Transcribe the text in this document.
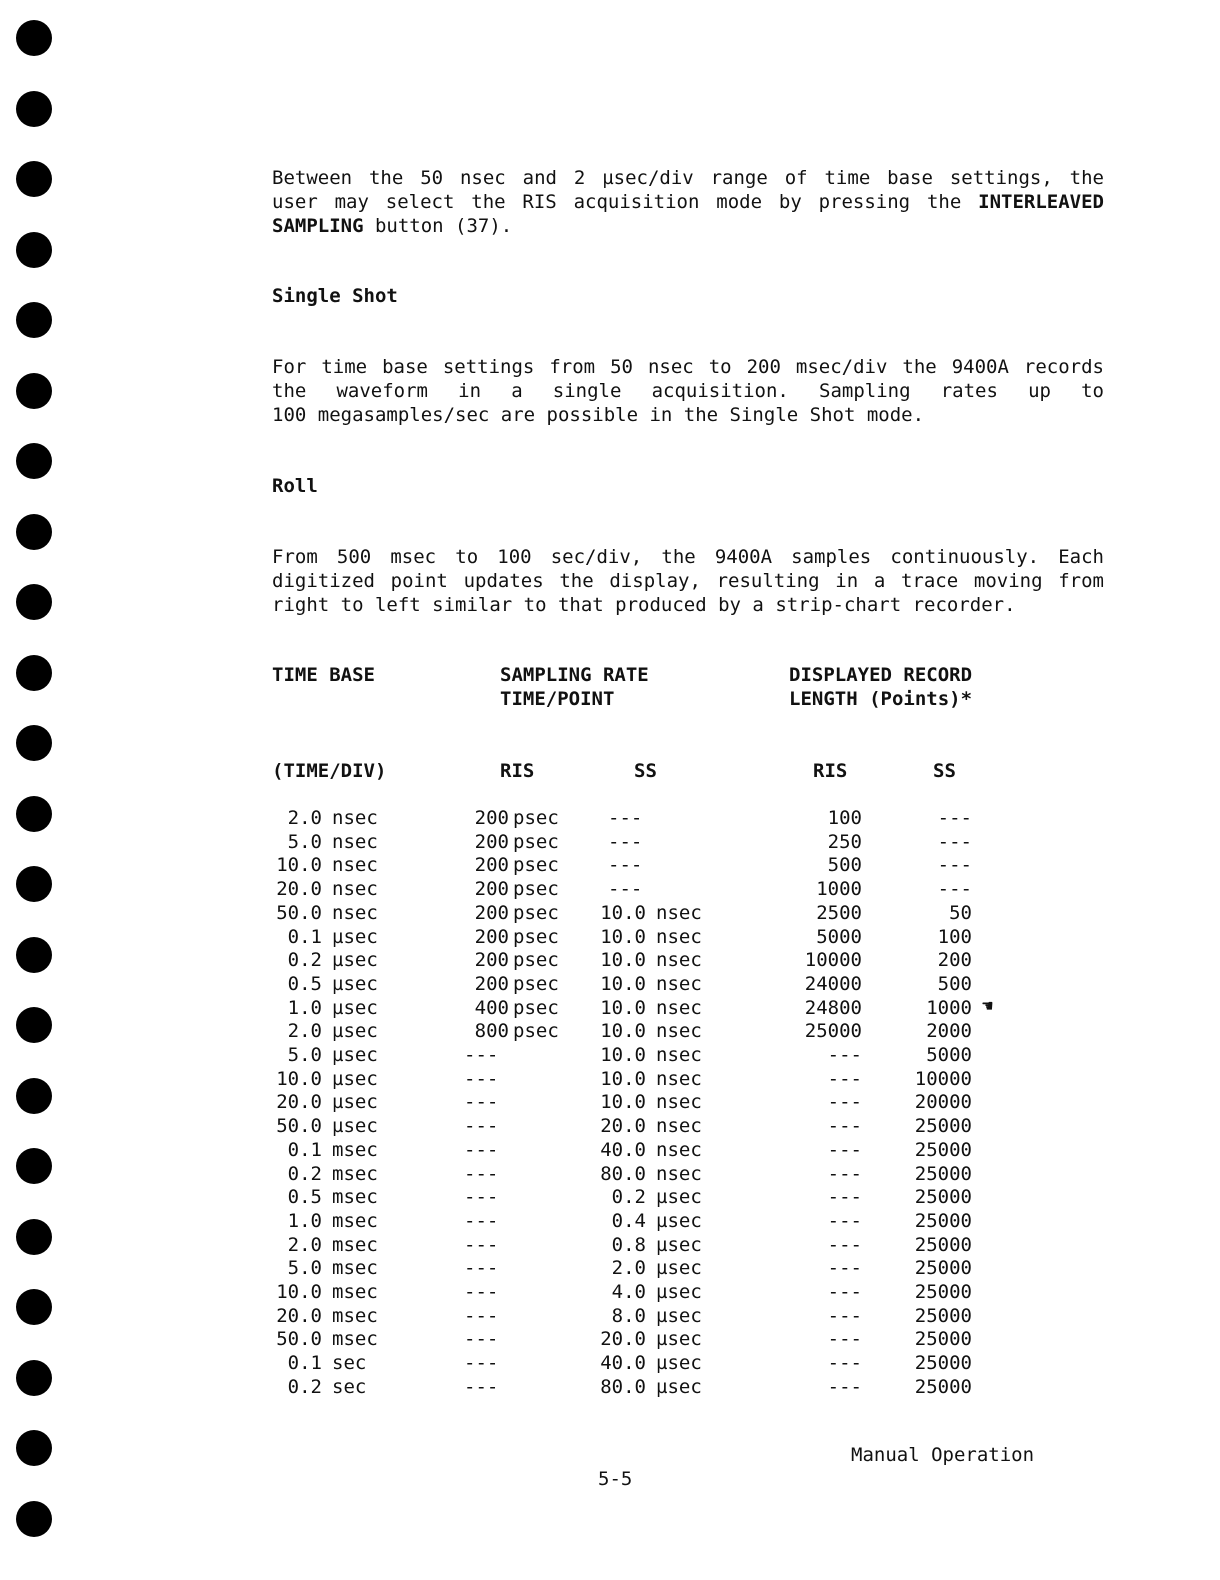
Between the 50 nsec and 2 µsec/div range of time base settings, the
user may select the RIS acquisition mode by pressing the INTERLEAVED
SAMPLING button (37).
Single Shot
For time base settings from 50 nsec to 200 msec/div the 9400A records
the waveform in a single acquisition. Sampling rates up to
100 megasamples/sec are possible in the Single Shot mode.
Roll
From 500 msec to 100 sec/div, the 9400A samples continuously. Each
digitized point updates the display, resulting in a trace moving from
right to left similar to that produced by a strip-chart recorder.
TIME BASE	SAMPLING RATE
TIME/POINT
DISPLAYED RECORD
LENGTH (Points)*
(TIME/DIV)	RIS	SS	RIS	SS
2.0 nsec	200 psec	---	100	---
5.0 nsec	200 psec	---	250	---
10.0 nsec	200 psec	---	500	---
20.0 nsec	200 psec	---	1000	---
50.0 nsec	200 psec	10.0 nsec	2500	50
0.1 µsec	200 psec	10.0 nsec	5000	100
0.2 µsec	200 psec	10.0 nsec	10000	200
0.5 µsec	200 psec	10.0 nsec	24000	500
1.0 µsec	400 psec	10.0 nsec	24800	1000 ☚
2.0 µsec	800 psec	10.0 nsec	25000	2000
5.0 µsec	---	10.0 nsec	---	5000
10.0 µsec	---	10.0 nsec	---	10000
20.0 µsec	---	10.0 nsec	---	20000
50.0 µsec	---	20.0 nsec	---	25000
0.1 msec	---	40.0 nsec	---	25000
0.2 msec	---	80.0 nsec	---	25000
0.5 msec	---	0.2 µsec	---	25000
1.0 msec	---	0.4 µsec	---	25000
2.0 msec	---	0.8 µsec	---	25000
5.0 msec	---	2.0 µsec	---	25000
10.0 msec	---	4.0 µsec	---	25000
20.0 msec	---	8.0 µsec	---	25000
50.0 msec	---	20.0 µsec	---	25000
0.1 sec	---	40.0 µsec	---	25000
0.2 sec	---	80.0 µsec	---	25000
Manual Operation
5-5
